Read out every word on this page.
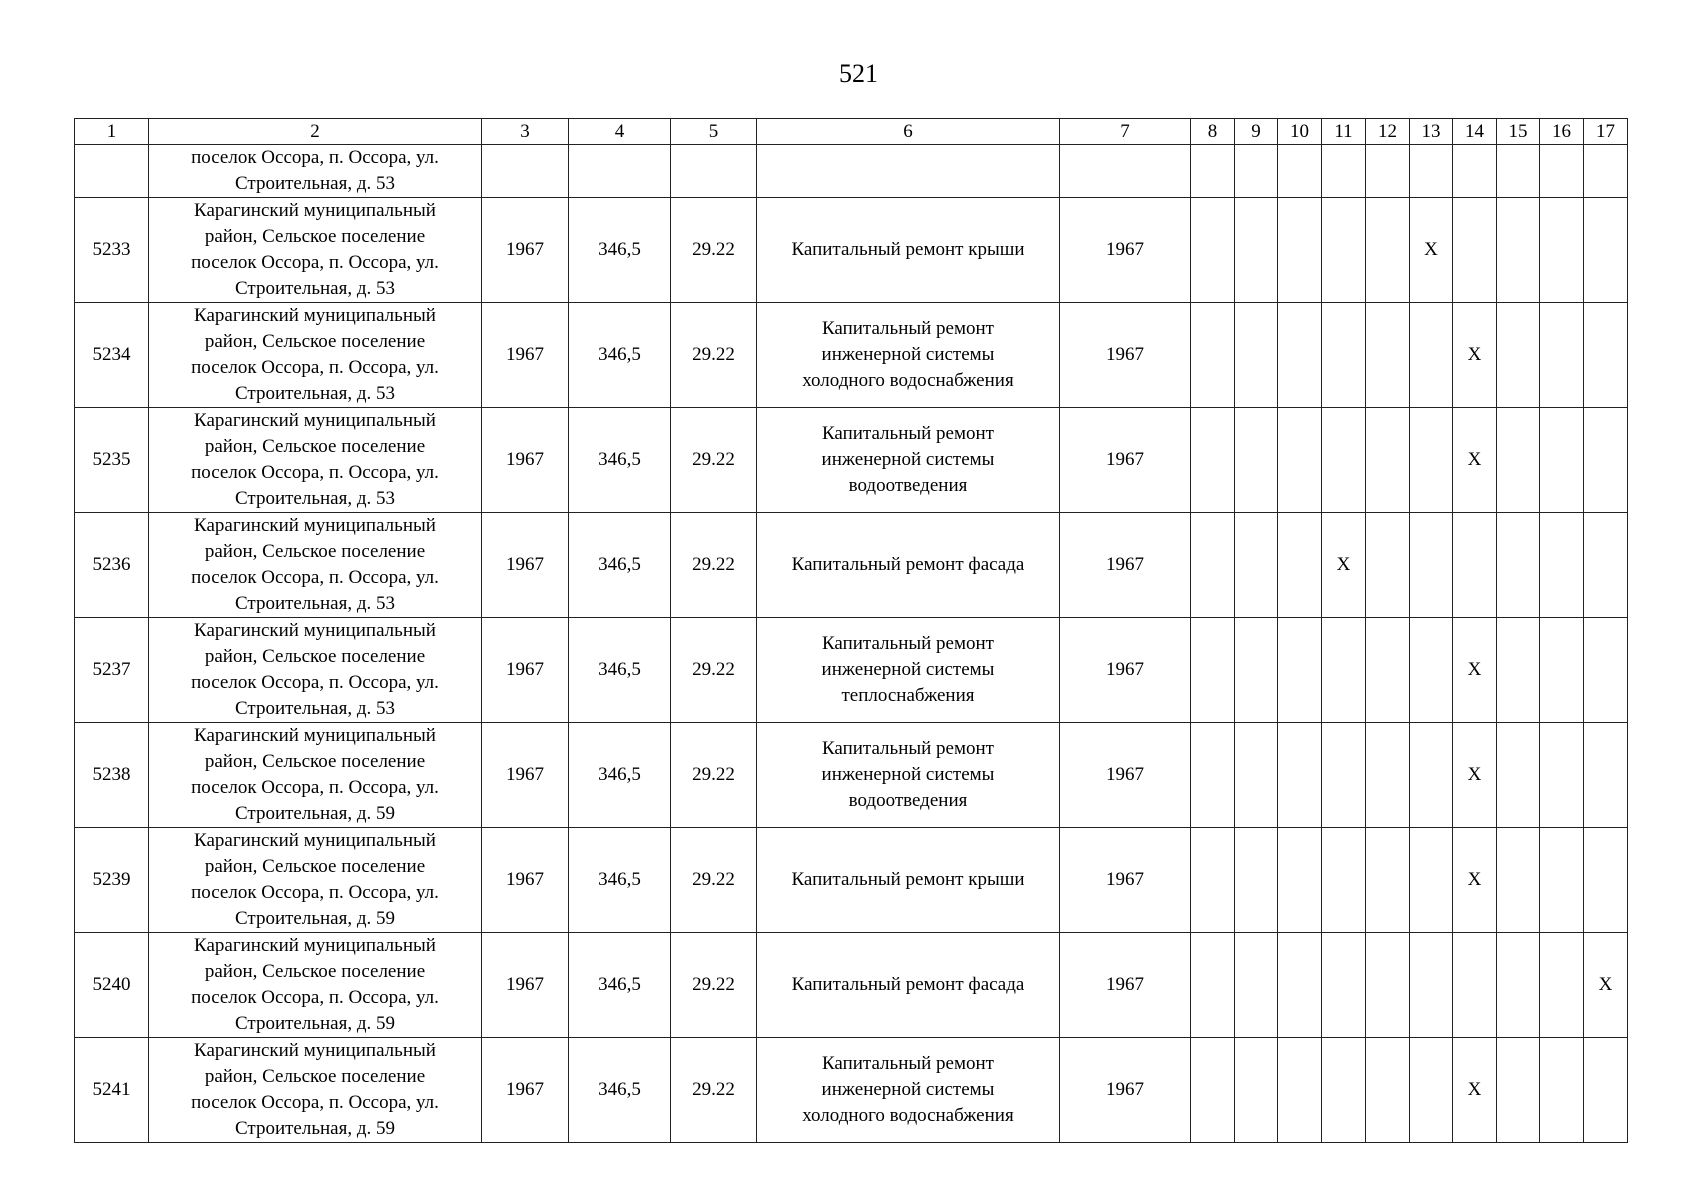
521
1	2	3	4	5	6	7	8	9	10	11	12	13	14	15	16	17
	поселок Оссора, п. Оссора, ул.
Строительная, д. 53															
5233	Карагинский муниципальный
район, Сельское поселение
поселок Оссора, п. Оссора, ул.
Строительная, д. 53	1967	346,5	29.22	Капитальный ремонт крыши	1967						X				
5234	Карагинский муниципальный
район, Сельское поселение
поселок Оссора, п. Оссора, ул.
Строительная, д. 53	1967	346,5	29.22	Капитальный ремонт
инженерной системы
холодного водоснабжения	1967							X			
5235	Карагинский муниципальный
район, Сельское поселение
поселок Оссора, п. Оссора, ул.
Строительная, д. 53	1967	346,5	29.22	Капитальный ремонт
инженерной системы
водоотведения	1967							X			
5236	Карагинский муниципальный
район, Сельское поселение
поселок Оссора, п. Оссора, ул.
Строительная, д. 53	1967	346,5	29.22	Капитальный ремонт фасада	1967				X						
5237	Карагинский муниципальный
район, Сельское поселение
поселок Оссора, п. Оссора, ул.
Строительная, д. 53	1967	346,5	29.22	Капитальный ремонт
инженерной системы
теплоснабжения	1967							X			
5238	Карагинский муниципальный
район, Сельское поселение
поселок Оссора, п. Оссора, ул.
Строительная, д. 59	1967	346,5	29.22	Капитальный ремонт
инженерной системы
водоотведения	1967							X			
5239	Карагинский муниципальный
район, Сельское поселение
поселок Оссора, п. Оссора, ул.
Строительная, д. 59	1967	346,5	29.22	Капитальный ремонт крыши	1967							X			
5240	Карагинский муниципальный
район, Сельское поселение
поселок Оссора, п. Оссора, ул.
Строительная, д. 59	1967	346,5	29.22	Капитальный ремонт фасада	1967										X
5241	Карагинский муниципальный
район, Сельское поселение
поселок Оссора, п. Оссора, ул.
Строительная, д. 59	1967	346,5	29.22	Капитальный ремонт
инженерной системы
холодного водоснабжения	1967							X			
